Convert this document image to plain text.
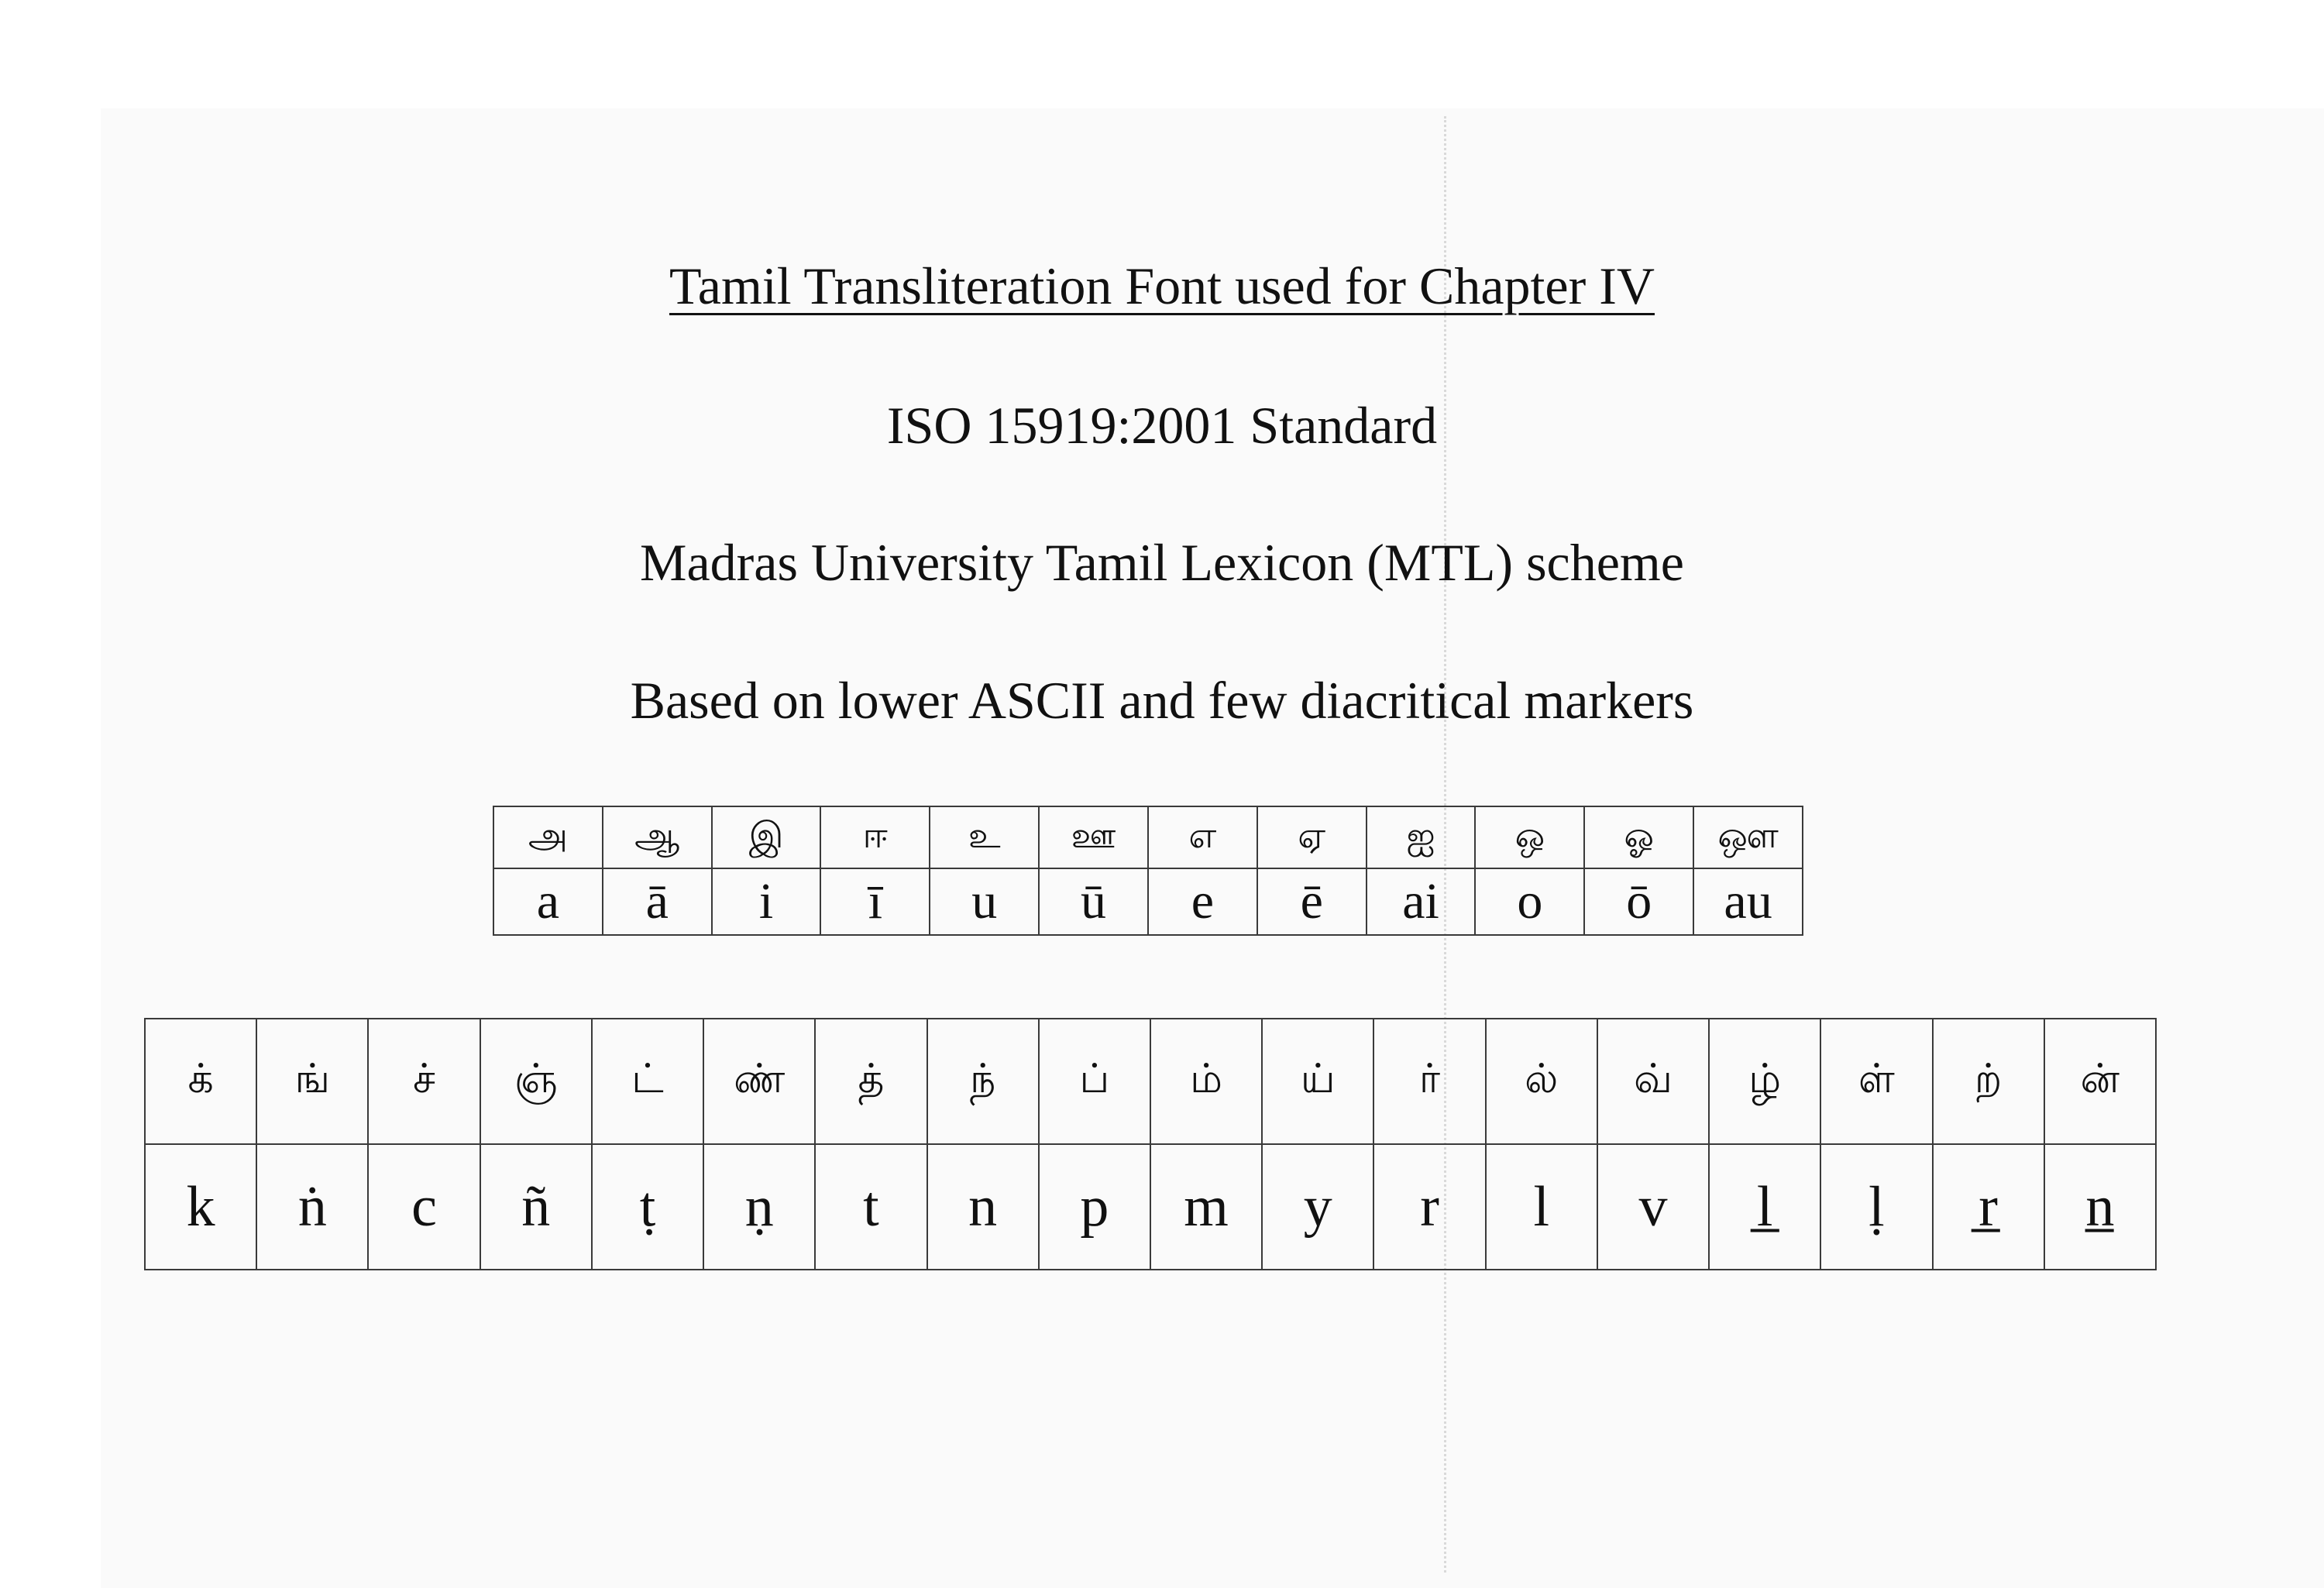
Tamil Transliteration Font used for Chapter IV

ISO 15919:2001 Standard

Madras University Tamil Lexicon (MTL) scheme

Based on lower ASCII and few diacritical markers

அ	ஆ	இ	ஈ	உ	ஊ	எ	ஏ	ஐ	ஒ	ஓ	ஔ
a	ā	i	ī	u	ū	e	ē	ai	o	ō	au
க்	ங்	ச்	ஞ்	ட்	ண்	த்	ந்	ப்	ம்	ய்	ர்	ல்	வ்	ழ்	ள்	ற்	ன்
k	ṅ	c	ñ	ṭ	ṇ	t	n	p	m	y	r	l	v	l̲	ḷ	r̲	n̲
